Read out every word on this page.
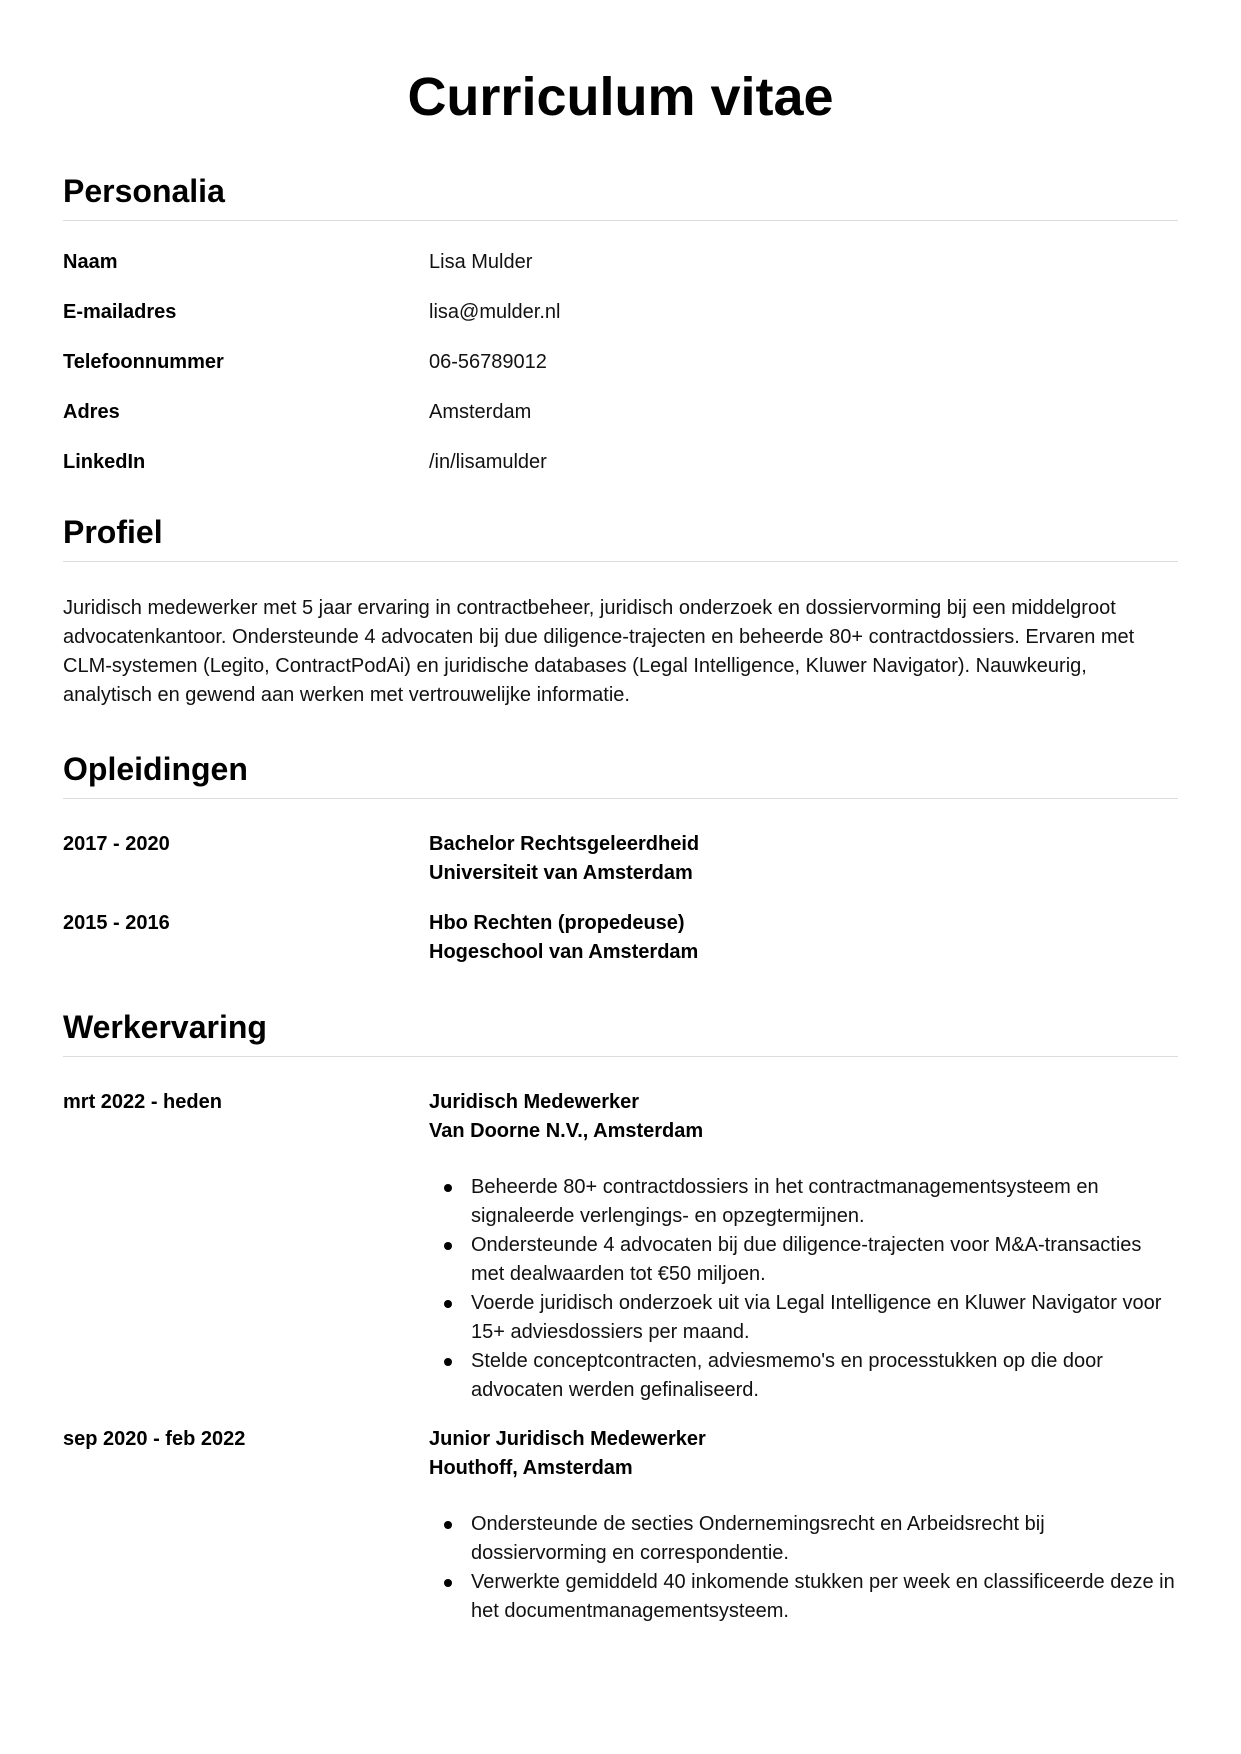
Curriculum vitae
Personalia
Naam	Lisa Mulder
E-mailadres	lisa@mulder.nl
Telefoonnummer	06-56789012
Adres	Amsterdam
LinkedIn	/in/lisamulder
Profiel

Juridisch medewerker met 5 jaar ervaring in contractbeheer, juridisch onderzoek en dossiervorming bij een middelgroot advocatenkantoor. Ondersteunde 4 advocaten bij due diligence-trajecten en beheerde 80+ contractdossiers. Ervaren met CLM-systemen (Legito, ContractPodAi) en juridische databases (Legal Intelligence, Kluwer Navigator). Nauwkeurig, analytisch en gewend aan werken met vertrouwelijke informatie.

Opleidingen
2017 - 2020	Bachelor Rechtsgeleerdheid
Universiteit van Amsterdam
2015 - 2016	Hbo Rechten (propedeuse)
Hogeschool van Amsterdam
Werkervaring
mrt 2022 - heden	Juridisch Medewerker
Van Doorne N.V., Amsterdam
Beheerde 80+ contractdossiers in het contractmanagementsysteem en signaleerde verlengings- en opzegtermijnen.
Ondersteunde 4 advocaten bij due diligence-trajecten voor M&A-transacties met dealwaarden tot €50 miljoen.
Voerde juridisch onderzoek uit via Legal Intelligence en Kluwer Navigator voor 15+ adviesdossiers per maand.
Stelde conceptcontracten, adviesmemo's en processtukken op die door advocaten werden gefinaliseerd.
sep 2020 - feb 2022	Junior Juridisch Medewerker
Houthoff, Amsterdam
Ondersteunde de secties Ondernemingsrecht en Arbeidsrecht bij dossiervorming en correspondentie.
Verwerkte gemiddeld 40 inkomende stukken per week en classificeerde deze in het documentmanagementsysteem.
